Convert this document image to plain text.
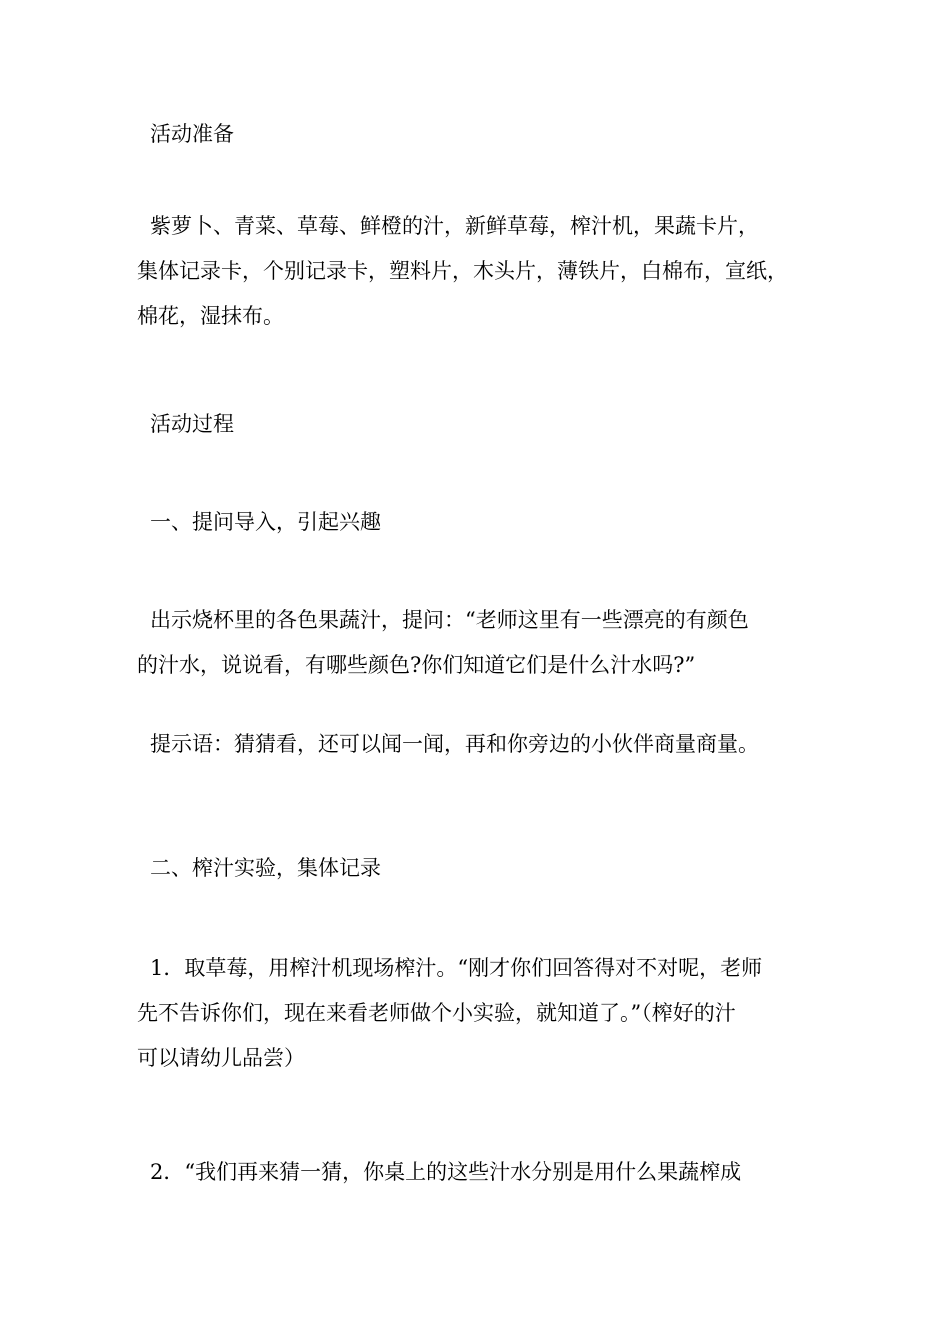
活动准备

紫萝卜、青菜、草莓、鲜橙的汁，新鲜草莓，榨汁机，果蔬卡片，
集体记录卡，个别记录卡，塑料片，木头片，薄铁片，白棉布，宣纸，
棉花，湿抹布。

活动过程

一、提问导入，引起兴趣

出示烧杯里的各色果蔬汁，提问：“老师这里有一些漂亮的有颜色
的汁水，说说看，有哪些颜色?你们知道它们是什么汁水吗?”

提示语：猜猜看，还可以闻一闻，再和你旁边的小伙伴商量商量。

二、榨汁实验，集体记录

1．取草莓，用榨汁机现场榨汁。“刚才你们回答得对不对呢，老师
先不告诉你们，现在来看老师做个小实验，就知道了。”（榨好的汁
可以请幼儿品尝）

2．“我们再来猜一猜，你桌上的这些汁水分别是用什么果蔬榨成
